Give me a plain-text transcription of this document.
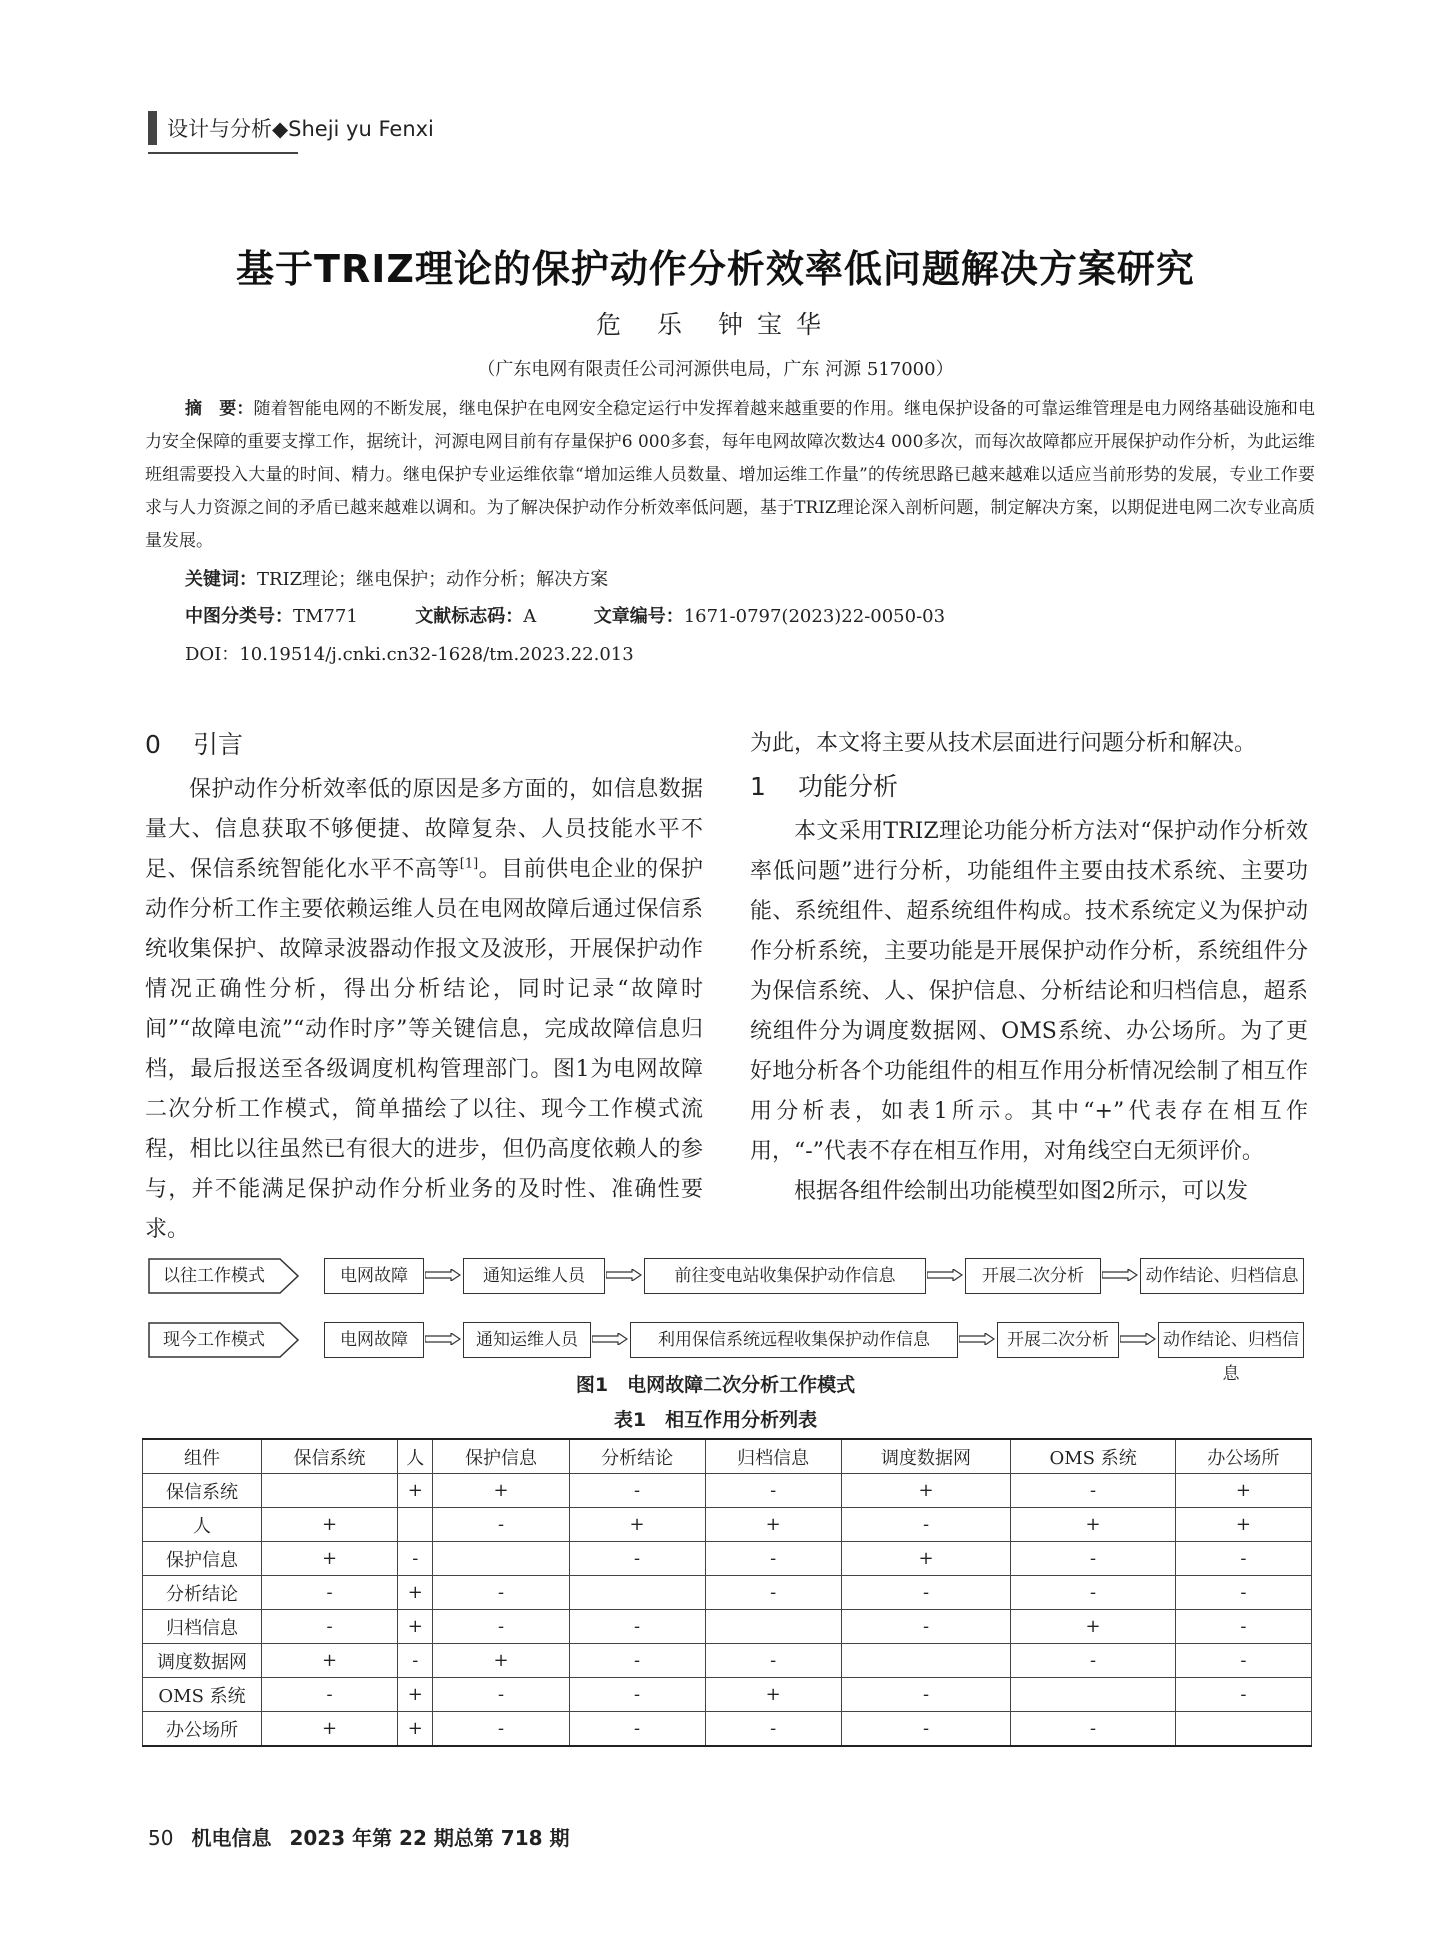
设计与分析◆Sheji yu Fenxi
基于TRIZ理论的保护动作分析效率低问题解决方案研究
危 乐 钟宝华
（广东电网有限责任公司河源供电局，广东 河源 517000）

摘　要：随着智能电网的不断发展，继电保护在电网安全稳定运行中发挥着越来越重要的作用。继电保护设备的可靠运维管理是电力网络基础设施和电力安全保障的重要支撑工作，据统计，河源电网目前有存量保护6 000多套，每年电网故障次数达4 000多次，而每次故障都应开展保护动作分析，为此运维班组需要投入大量的时间、精力。继电保护专业运维依靠“增加运维人员数量、增加运维工作量”的传统思路已越来越难以适应当前形势的发展，专业工作要求与人力资源之间的矛盾已越来越难以调和。为了解决保护动作分析效率低问题，基于TRIZ理论深入剖析问题，制定解决方案，以期促进电网二次专业高质量发展。

关键词：TRIZ理论；继电保护；动作分析；解决方案
中图分类号：TM771	文献标志码：A	文章编号：1671-0797(2023)22-0050-03
DOI：10.19514/j.cnki.cn32-1628/tm.2023.22.013
0 引言

保护动作分析效率低的原因是多方面的，如信息数据量大、信息获取不够便捷、故障复杂、人员技能水平不足、保信系统智能化水平不高等[1]。目前供电企业的保护动作分析工作主要依赖运维人员在电网故障后通过保信系统收集保护、故障录波器动作报文及波形，开展保护动作情况正确性分析，得出分析结论，同时记录“故障时间”“故障电流”“动作时序”等关键信息，完成故障信息归档，最后报送至各级调度机构管理部门。图1为电网故障二次分析工作模式，简单描绘了以往、现今工作模式流程，相比以往虽然已有很大的进步，但仍高度依赖人的参与，并不能满足保护动作分析业务的及时性、准确性要求。

为此，本文将主要从技术层面进行问题分析和解决。

1 功能分析

本文采用TRIZ理论功能分析方法对“保护动作分析效率低问题”进行分析，功能组件主要由技术系统、主要功能、系统组件、超系统组件构成。技术系统定义为保护动作分析系统，主要功能是开展保护动作分析，系统组件分为保信系统、人、保护信息、分析结论和归档信息，超系统组件分为调度数据网、OMS系统、办公场所。为了更好地分析各个功能组件的相互作用分析情况绘制了相互作用分析表，如表1所示。其中“+”代表存在相互作用，“-”代表不存在相互作用，对角线空白无须评价。

根据各组件绘制出功能模型如图2所示，可以发

以往工作模式	电网故障	通知运维人员	前往变电站收集保护动作信息	开展二次分析	动作结论、归档信息
现今工作模式	电网故障	通知运维人员	利用保信系统远程收集保护动作信息	开展二次分析	动作结论、归档信息
图1　电网故障二次分析工作模式
表1　相互作用分析列表
组件	保信系统	人	保护信息	分析结论	归档信息	调度数据网	OMS 系统	办公场所
保信系统		+	+	-	-	+	-	+
人	+		-	+	+	-	+	+
保护信息	+	-		-	-	+	-	-
分析结论	-	+	-		-	-	-	-
归档信息	-	+	-	-		-	+	-
调度数据网	+	-	+	-	-		-	-
OMS 系统	-	+	-	-	+	-		-
办公场所	+	+	-	-	-	-	-	
50 机电信息 2023 年第 22 期总第 718 期
